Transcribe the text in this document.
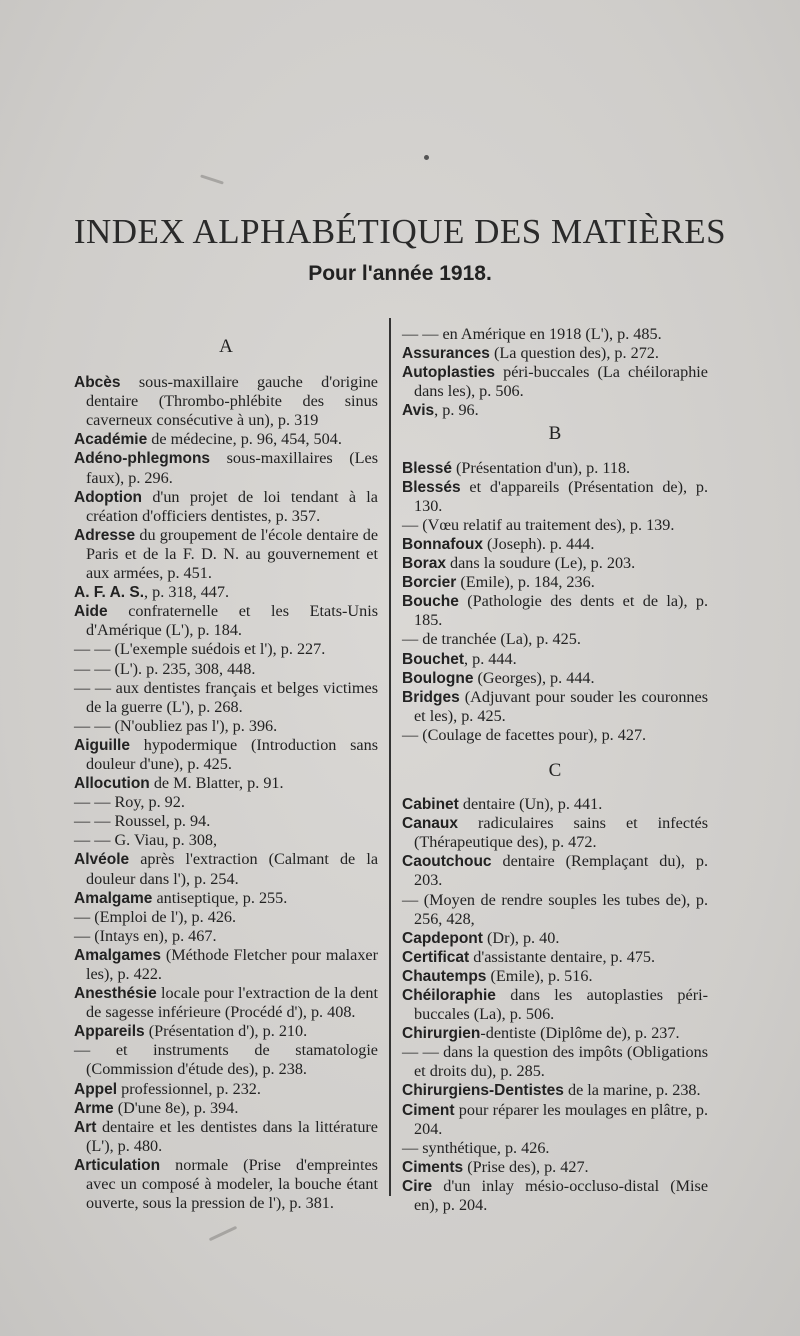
INDEX ALPHABÉTIQUE DES MATIÈRES
Pour l'année 1918.
A
Abcès sous-maxillaire gauche d'origine dentaire (Thrombo-phlébite des sinus caverneux consécutive à un), p. 319
Académie de médecine, p. 96, 454, 504.
Adéno-phlegmons sous-maxillaires (Les faux), p. 296.
Adoption d'un projet de loi tendant à la création d'officiers dentistes, p. 357.
Adresse du groupement de l'école dentaire de Paris et de la F. D. N. au gouvernement et aux armées, p. 451.
A. F. A. S., p. 318, 447.
Aide confraternelle et les Etats-Unis d'Amérique (L'), p. 184.
— — (L'exemple suédois et l'), p. 227.
— — (L'). p. 235, 308, 448.
— — aux dentistes français et belges victimes de la guerre (L'), p. 268.
— — (N'oubliez pas l'), p. 396.
Aiguille hypodermique (Introduction sans douleur d'une), p. 425.
Allocution de M. Blatter, p. 91.
— — Roy, p. 92.
— — Roussel, p. 94.
— — G. Viau, p. 308,
Alvéole après l'extraction (Calmant de la douleur dans l'), p. 254.
Amalgame antiseptique, p. 255.
— (Emploi de l'), p. 426.
— (Intays en), p. 467.
Amalgames (Méthode Fletcher pour malaxer les), p. 422.
Anesthésie locale pour l'extraction de la dent de sagesse inférieure (Procédé d'), p. 408.
Appareils (Présentation d'), p. 210.
— et instruments de stamatologie (Commission d'étude des), p. 238.
Appel professionnel, p. 232.
Arme (D'une 8e), p. 394.
Art dentaire et les dentistes dans la littérature (L'), p. 480.
Articulation normale (Prise d'empreintes avec un composé à modeler, la bouche étant ouverte, sous la pression de l'), p. 381.
— — en Amérique en 1918 (L'), p. 485.
Assurances (La question des), p. 272.
Autoplasties péri-buccales (La chéiloraphie dans les), p. 506.
Avis, p. 96.
B
Blessé (Présentation d'un), p. 118.
Blessés et d'appareils (Présentation de), p. 130.
— (Vœu relatif au traitement des), p. 139.
Bonnafoux (Joseph). p. 444.
Borax dans la soudure (Le), p. 203.
Borcier (Emile), p. 184, 236.
Bouche (Pathologie des dents et de la), p. 185.
— de tranchée (La), p. 425.
Bouchet, p. 444.
Boulogne (Georges), p. 444.
Bridges (Adjuvant pour souder les couronnes et les), p. 425.
— (Coulage de facettes pour), p. 427.
C
Cabinet dentaire (Un), p. 441.
Canaux radiculaires sains et infectés (Thérapeutique des), p. 472.
Caoutchouc dentaire (Remplaçant du), p. 203.
— (Moyen de rendre souples les tubes de), p. 256, 428,
Capdepont (Dr), p. 40.
Certificat d'assistante dentaire, p. 475.
Chautemps (Emile), p. 516.
Chéiloraphie dans les autoplasties péri-buccales (La), p. 506.
Chirurgien-dentiste (Diplôme de), p. 237.
— — dans la question des impôts (Obligations et droits du), p. 285.
Chirurgiens-Dentistes de la marine, p. 238.
Ciment pour réparer les moulages en plâtre, p. 204.
— synthétique, p. 426.
Ciments (Prise des), p. 427.
Cire d'un inlay mésio-occluso-distal (Mise en), p. 204.
